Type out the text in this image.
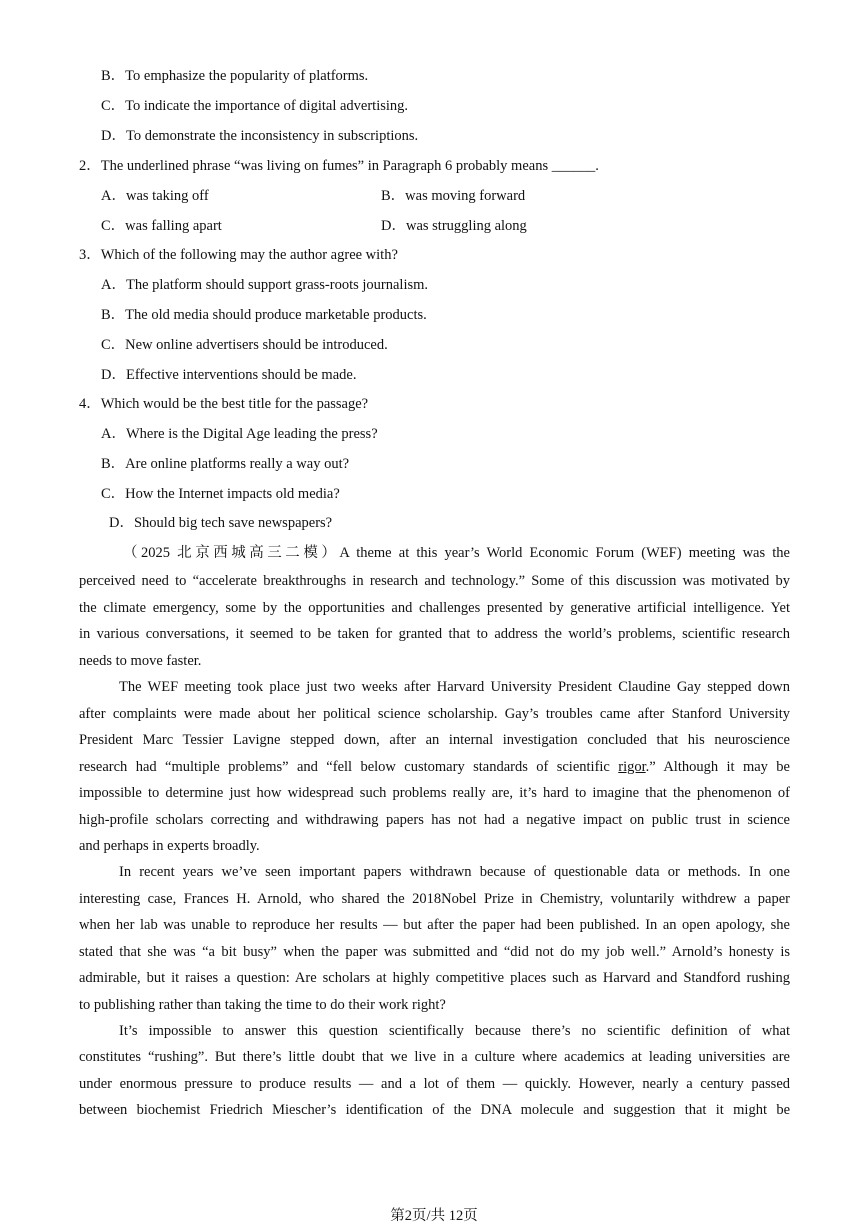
B．To emphasize the popularity of platforms.
C．To indicate the importance of digital advertising.
D．To demonstrate the inconsistency in subscriptions.
2．The underlined phrase “was living on fumes” in Paragraph 6 probably means ______.
A．was taking off	B．was moving forward
C．was falling apart	D．was struggling along
3．Which of the following may the author agree with?
A．The platform should support grass-roots journalism.
B．The old media should produce marketable products.
C．New online advertisers should be introduced.
D．Effective interventions should be made.
4．Which would be the best title for the passage?
A．Where is the Digital Age leading the press?
B．Are online platforms really a way out?
C．How the Internet impacts old media?
D．Should big tech save newspapers?
（2025 北京西城高三二模）A theme at this year’s World Economic Forum (WEF) meeting was the
perceived need to “accelerate breakthroughs in research and technology.” Some of this discussion was motivated by
the climate emergency, some by the opportunities and challenges presented by generative artificial intelligence. Yet
in various conversations, it seemed to be taken for granted that to address the world’s problems, scientific research
needs to move faster.
The WEF meeting took place just two weeks after Harvard University President Claudine Gay stepped down
after complaints were made about her political science scholarship. Gay’s troubles came after Stanford University
President Marc Tessier Lavigne stepped down, after an internal investigation concluded that his neuroscience
research had “multiple problems” and “fell below customary standards of scientific rigor.” Although it may be
impossible to determine just how widespread such problems really are, it’s hard to imagine that the phenomenon of
high-profile scholars correcting and withdrawing papers has not had a negative impact on public trust in science
and perhaps in experts broadly.
In recent years we’ve seen important papers withdrawn because of questionable data or methods. In one
interesting case, Frances H. Arnold, who shared the 2018Nobel Prize in Chemistry, voluntarily withdrew a paper
when her lab was unable to reproduce her results — but after the paper had been published. In an open apology, she
stated that she was “a bit busy” when the paper was submitted and “did not do my job well.” Arnold’s honesty is
admirable, but it raises a question: Are scholars at highly competitive places such as Harvard and Standford rushing
to publishing rather than taking the time to do their work right?
It’s impossible to answer this question scientifically because there’s no scientific definition of what
constitutes “rushing”. But there’s little doubt that we live in a culture where academics at leading universities are
under enormous pressure to produce results — and a lot of them — quickly. However, nearly a century passed
between biochemist Friedrich Miescher’s identification of the DNA molecule and suggestion that it might be
第2页/共 12页
